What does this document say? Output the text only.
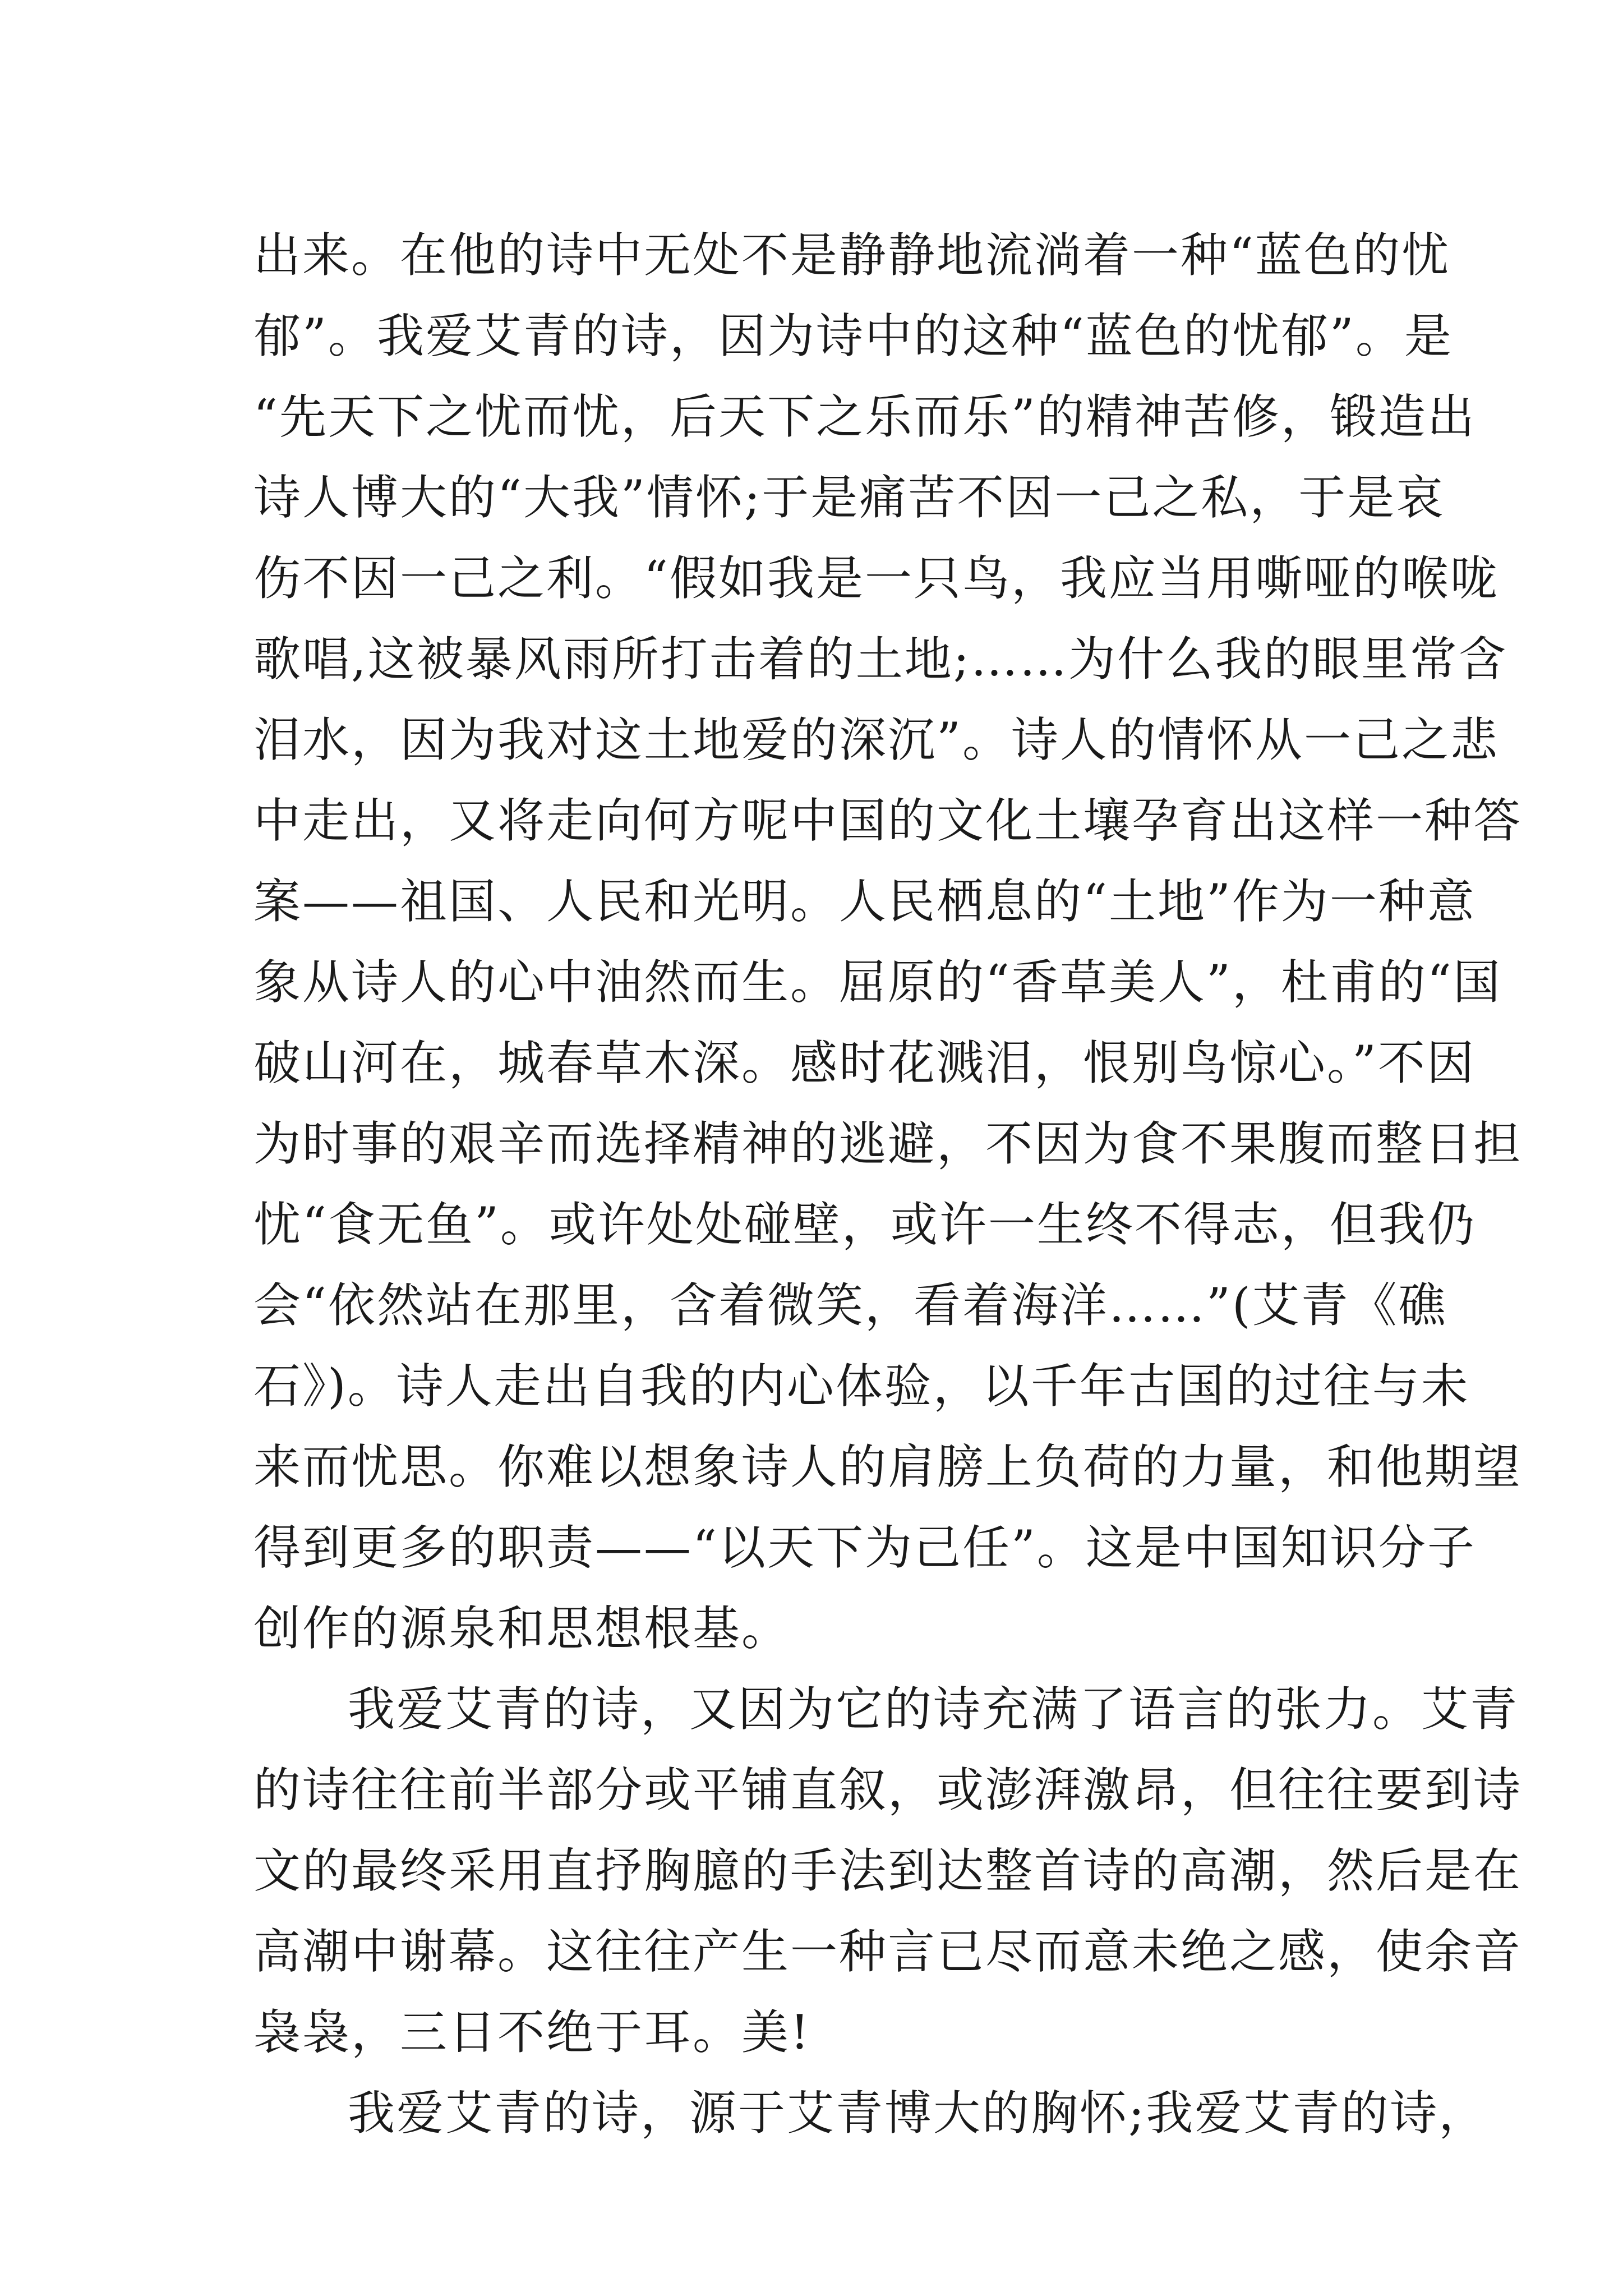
出来。在他的诗中无处不是静静地流淌着一种“蓝色的忧
郁”。我爱艾青的诗，因为诗中的这种“蓝色的忧郁”。是
“先天下之忧而忧，后天下之乐而乐”的精神苦修，锻造出
诗人博大的“大我”情怀;于是痛苦不因一己之私，于是哀
伤不因一己之利。“假如我是一只鸟，我应当用嘶哑的喉咙
歌唱,这被暴风雨所打击着的土地;……为什么我的眼里常含
泪水，因为我对这土地爱的深沉”。诗人的情怀从一己之悲
中走出，又将走向何方呢中国的文化土壤孕育出这样一种答
案——祖国、人民和光明。人民栖息的“土地”作为一种意
象从诗人的心中油然而生。屈原的“香草美人”，杜甫的“国
破山河在，城春草木深。感时花溅泪，恨别鸟惊心。”不因
为时事的艰辛而选择精神的逃避，不因为食不果腹而整日担
忧“食无鱼”。或许处处碰壁，或许一生终不得志，但我仍
会“依然站在那里，含着微笑，看着海洋……”(艾青《礁
石》)。诗人走出自我的内心体验，以千年古国的过往与未
来而忧思。你难以想象诗人的肩膀上负荷的力量，和他期望
得到更多的职责——“以天下为己任”。这是中国知识分子
创作的源泉和思想根基。
我爱艾青的诗，又因为它的诗充满了语言的张力。艾青
的诗往往前半部分或平铺直叙，或澎湃激昂，但往往要到诗
文的最终采用直抒胸臆的手法到达整首诗的高潮，然后是在
高潮中谢幕。这往往产生一种言已尽而意未绝之感，使余音
袅袅，三日不绝于耳。美!
我爱艾青的诗，源于艾青博大的胸怀;我爱艾青的诗，
